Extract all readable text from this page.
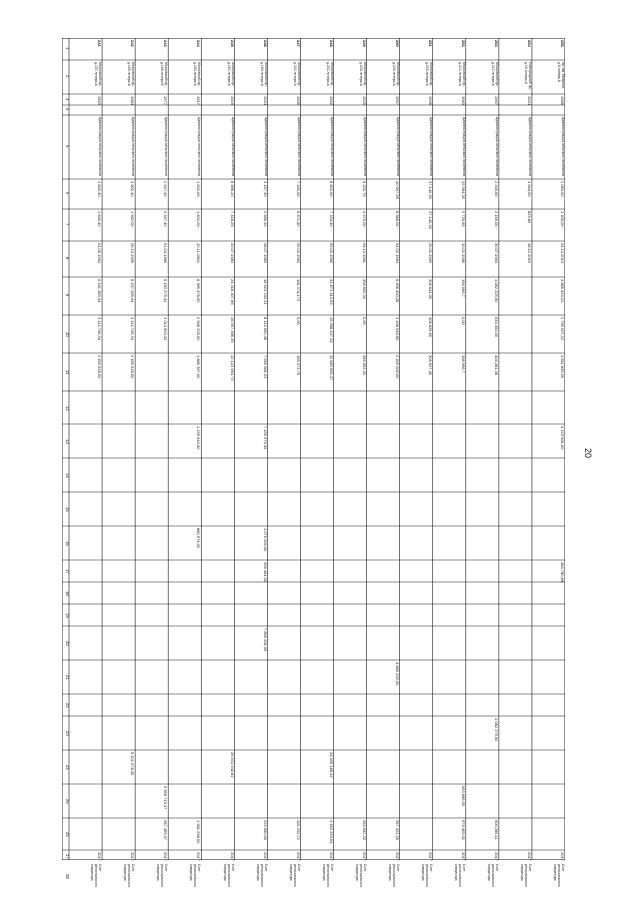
1
2
3
4
5
6
7
8
9
10
11
12
13
14
15
16
17
18
19
20
21
22
23
24
25
26
27
28
241
Московский пр., д.157 литера А
1953
Администрация сельского поселения
1 840,40
1 840,40
01.09.1992
6 191 383,44
3 114 746,34
2 490 528,00
2017
Счет регионального оператора
242
Московский пр., д.169 литера А
1984
Администрация сельского поселения
3 600,40
1 662,00
26.12.1995
6 197 265,44
3 114 745,34
2 490 528,00
5 101 978,40
2017
Счет регионального оператора
243
Московский пр., д.169 литера Б
1977
Администрация сельского поселения
2 947,40
2 947,40
01.04.1980
6 163 275,41
3 214 653,42
5 996 719,47
287 459,07
2017
Счет регионального оператора
244
Московский пр., д.183 литера А
1917
Администрация сельского поселения
1 832,00
1 832,00
10.11.1982
8 389 478,00
2 998 335,00
1 885 387,00
1 235 943,50
880 574,00
1 981 298,00
2017
Счет регионального оператора
245
Московский пр., д.187 литера А
1916
Администрация сельского поселения
8 986,10
7 418,26
20.07.1983
24 318 307,86
16 597 465,35
12 123 954,73
26 531 942,82
2017
Счет регионального оператора
246
Московский пр., д.194 литера А
1924
Администрация сельского поселения
3 157,30
2 560,20
28.07.1983
16 521 333,31
8 114 000,45
7 990 081,23
7 439 575,36
1 079 000,00
396 494,00
7 899 281,95
233 650,00
2017
Счет регионального оператора
247
Московский пр., д.200 литера А
1955
Администрация сельского поселения
7 440,00
6 671,60
25.03.1962
116 374,173
0,00
155 373,75
119 232,72
2017
Счет регионального оператора
248
Московский пр., д.202 литера А
1952
Администрация сельского поселения
8 802,00
7 224,40
05.03.1960
31 871 412,53
15 358 427,34
11 682 965,27
24 439 166,42
1 493 263,64
2017
Счет регионального оператора
249
Московский пр., д.204 литера А
1925
Администрация сельского поселения
5 332,75
4 975,00
06.12.1961
399 592,32
0,00
399 592,32
399 592,32
2017
Счет регионального оператора
250
Московский пр., д.206 литера А
1957
Администрация сельского поселения
10 997,56
8 986,00
04.02.1964
6 456 453,28
3 436 943,60
2 200 000,00
4 869 220,00
397 422,29
2017
Счет регионального оператора
251
Московский пр., д.208 литера А
1959
Администрация сельского поселения
37 140,30
37 140,30
29.01.1963
306 644,30
306 625,60
306 627,40
2017
Счет регионального оператора
252
Московский пр., д.210 литера А
1963
Администрация сельского поселения
32 564,30
2 729,65
10.01.1966
196 996,7
0,00
198 996,7
993 666,00
576 409,01
2017
Счет регионального оператора
253
Московский пр., д.212 литера А
1957
Администрация сельского поселения
2 349,60
2 159,00
30.07.1963
1 082 225,90
534 453,00
404 281,36
1 082 275,90
900 286,11
2017
Счет регионального оператора
254
Новгородский пр., д.16 литера А
1924
Администрация сельского поселения
1 644,00
829,80
18.12.2010
2017
Счет регионального оператора
255
пр. им. Гагарина, д.8 литера А
1989
Администрация сельского поселения
2 083,00
1 205,00
04.12.2013
4 885 410,12
2 760 007,12
1 811 636,00
4 223 581,00
484 780,84
2017
Счет регионального оператора
20
